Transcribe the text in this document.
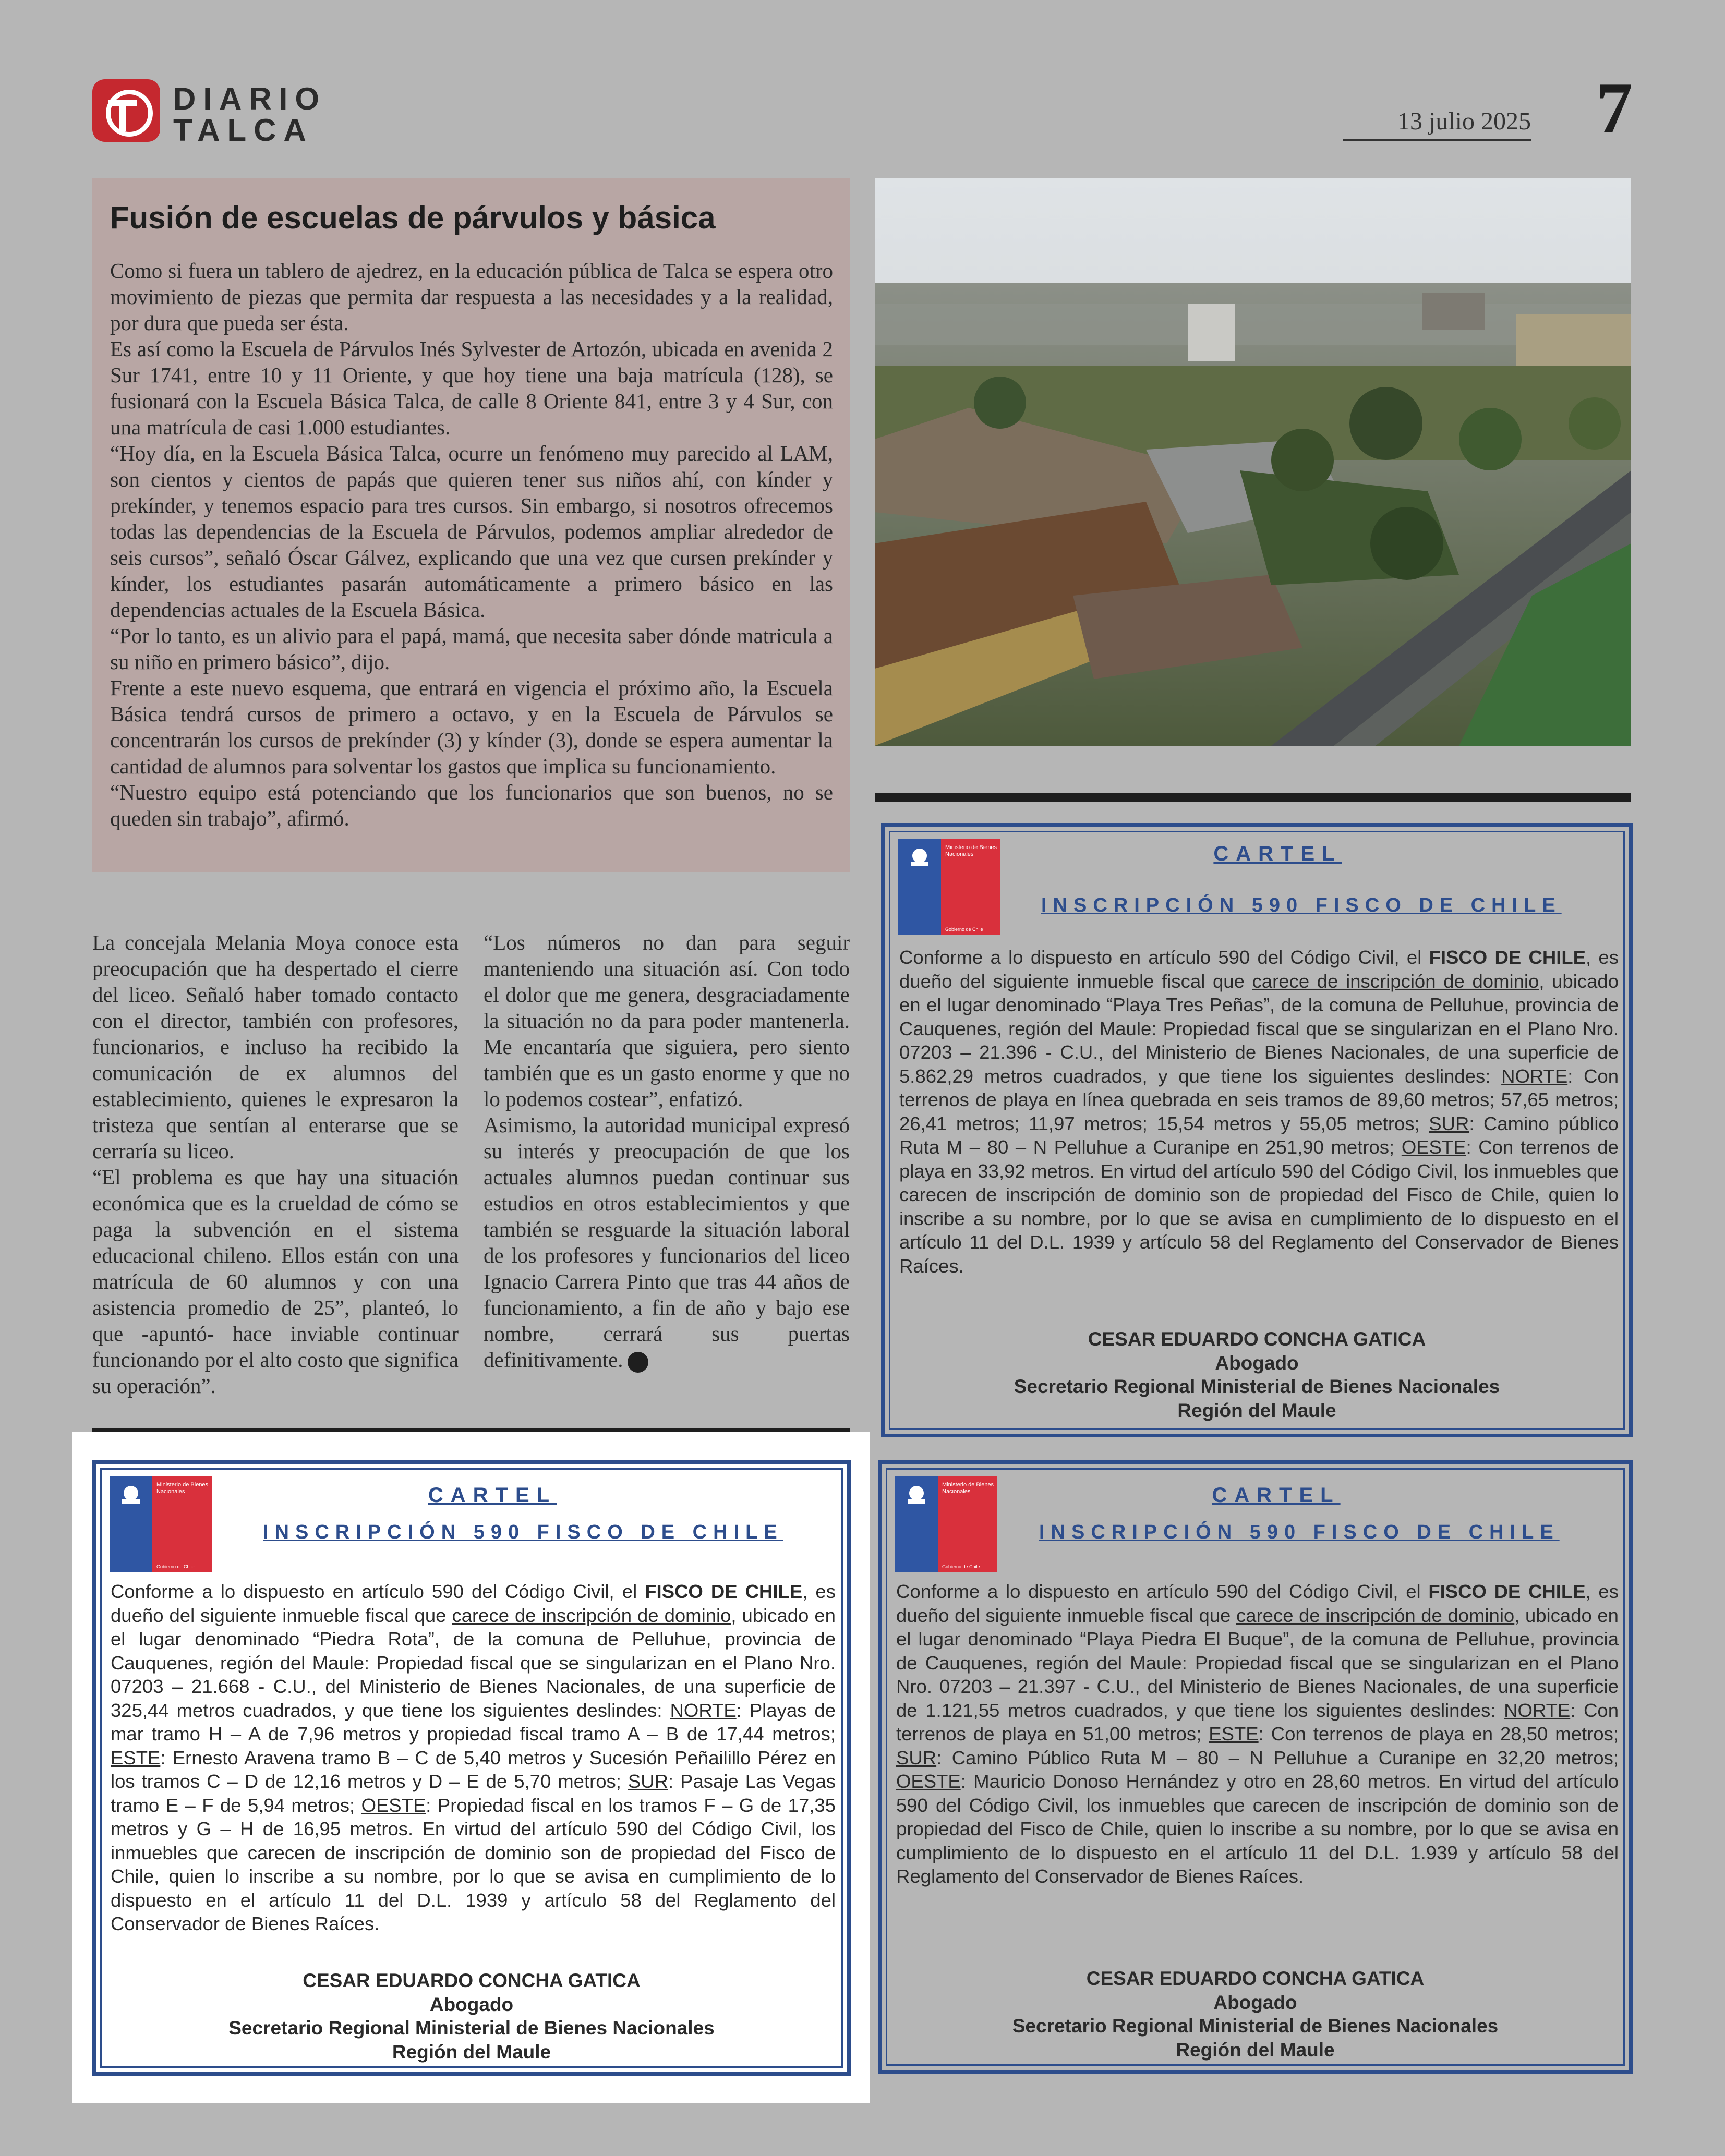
DIARIO
TALCA	13 julio 2025 7
Fusión de escuelas de párvulos y básica

Como si fuera un tablero de ajedrez, en la educación pública de Talca se espera otro movimiento de piezas que permita dar respuesta a las necesidades y a la realidad, por dura que pueda ser ésta.

Es así como la Escuela de Párvulos Inés Sylvester de Artozón, ubicada en avenida 2 Sur 1741, entre 10 y 11 Oriente, y que hoy tiene una baja matrícula (128), se fusionará con la Escuela Básica Talca, de calle 8 Oriente 841, entre 3 y 4 Sur, con una matrícula de casi 1.000 estudiantes.

“Hoy día, en la Escuela Básica Talca, ocurre un fenómeno muy parecido al LAM, son cientos y cientos de papás que quieren tener sus niños ahí, con kínder y prekínder, y tenemos espacio para tres cursos. Sin embargo, si nosotros ofrecemos todas las dependencias de la Escuela de Párvulos, podemos ampliar alrededor de seis cursos”, señaló Óscar Gálvez, explicando que una vez que cursen prekínder y kínder, los estudiantes pasarán automáticamente a primero básico en las dependencias actuales de la Escuela Básica.

“Por lo tanto, es un alivio para el papá, mamá, que necesita saber dónde matricula a su niño en primero básico”, dijo.

Frente a este nuevo esquema, que entrará en vigencia el próximo año, la Escuela Básica tendrá cursos de primero a octavo, y en la Escuela de Párvulos se concentrarán los cursos de prekínder (3) y kínder (3), donde se espera aumentar la cantidad de alumnos para solventar los gastos que implica su funcionamiento.

“Nuestro equipo está potenciando que los funcionarios que son buenos, no se queden sin trabajo”, afirmó.

La concejala Melania Moya conoce esta preocupación que ha despertado el cierre del liceo. Señaló haber tomado contacto con el director, también con profesores, funcionarios, e incluso ha recibido la comunicación de ex alumnos del establecimiento, quienes le expresaron la tristeza que sentían al enterarse que se cerraría su liceo.

“El problema es que hay una situación económica que es la crueldad de cómo se paga la subvención en el sistema educacional chileno. Ellos están con una matrícula de 60 alumnos y con una asistencia promedio de 25”, planteó, lo que -apuntó- hace inviable continuar funcionando por el alto costo que significa su operación”.

“Los números no dan para seguir manteniendo una situación así. Con todo el dolor que me genera, desgraciadamente la situación no da para poder mantenerla. Me encantaría que siguiera, pero siento también que es un gasto enorme y que no lo podemos costear”, enfatizó.

Asimismo, la autoridad municipal expresó su interés y preocupación de que los actuales alumnos puedan continuar sus estudios en otros establecimientos y que también se resguarde la situación laboral de los profesores y funcionarios del liceo Ignacio Carrera Pinto que tras 44 años de funcionamiento, a fin de año y bajo ese nombre, cerrará sus puertas definitivamente.

Ministerio de Bienes Nacionales
Gobierno de Chile
CARTEL
INSCRIPCIÓN 590 FISCO DE CHILE

Conforme a lo dispuesto en artículo 590 del Código Civil, el FISCO DE CHILE, es dueño del siguiente inmueble fiscal que carece de inscripción de dominio, ubicado en el lugar denominado “Playa Tres Peñas”, de la comuna de Pelluhue, provincia de Cauquenes, región del Maule: Propiedad fiscal que se singularizan en el Plano Nro. 07203 – 21.396 - C.U., del Ministerio de Bienes Nacionales, de una superficie de 5.862,29 metros cuadrados, y que tiene los siguientes deslindes: NORTE: Con terrenos de playa en línea quebrada en seis tramos de 89,60 metros; 57,65 metros; 26,41 metros; 11,97 metros; 15,54 metros y 55,05 metros; SUR: Camino público Ruta M – 80 – N Pelluhue a Curanipe en 251,90 metros; OESTE: Con terrenos de playa en 33,92 metros. En virtud del artículo 590 del Código Civil, los inmuebles que carecen de inscripción de dominio son de propiedad del Fisco de Chile, quien lo inscribe a su nombre, por lo que se avisa en cumplimiento de lo dispuesto en el artículo 11 del D.L. 1939 y artículo 58 del Reglamento del Conservador de Bienes Raíces.

CESAR EDUARDO CONCHA GATICA
Abogado
Secretario Regional Ministerial de Bienes Nacionales
Región del Maule
Ministerio de Bienes Nacionales
Gobierno de Chile
CARTEL
INSCRIPCIÓN 590 FISCO DE CHILE

Conforme a lo dispuesto en artículo 590 del Código Civil, el FISCO DE CHILE, es dueño del siguiente inmueble fiscal que carece de inscripción de dominio, ubicado en el lugar denominado “Piedra Rota”, de la comuna de Pelluhue, provincia de Cauquenes, región del Maule: Propiedad fiscal que se singularizan en el Plano Nro. 07203 – 21.668 - C.U., del Ministerio de Bienes Nacionales, de una superficie de 325,44 metros cuadrados, y que tiene los siguientes deslindes: NORTE: Playas de mar tramo H – A de 7,96 metros y propiedad fiscal tramo A – B de 17,44 metros; ESTE: Ernesto Aravena tramo B – C de 5,40 metros y Sucesión Peñailillo Pérez en los tramos C – D de 12,16 metros y D – E de 5,70 metros; SUR: Pasaje Las Vegas tramo E – F de 5,94 metros; OESTE: Propiedad fiscal en los tramos F – G de 17,35 metros y G – H de 16,95 metros. En virtud del artículo 590 del Código Civil, los inmuebles que carecen de inscripción de dominio son de propiedad del Fisco de Chile, quien lo inscribe a su nombre, por lo que se avisa en cumplimiento de lo dispuesto en el artículo 11 del D.L. 1939 y artículo 58 del Reglamento del Conservador de Bienes Raíces.

CESAR EDUARDO CONCHA GATICA
Abogado
Secretario Regional Ministerial de Bienes Nacionales
Región del Maule
Ministerio de Bienes Nacionales
Gobierno de Chile
CARTEL
INSCRIPCIÓN 590 FISCO DE CHILE

Conforme a lo dispuesto en artículo 590 del Código Civil, el FISCO DE CHILE, es dueño del siguiente inmueble fiscal que carece de inscripción de dominio, ubicado en el lugar denominado “Playa Piedra El Buque”, de la comuna de Pelluhue, provincia de Cauquenes, región del Maule: Propiedad fiscal que se singularizan en el Plano Nro. 07203 – 21.397 - C.U., del Ministerio de Bienes Nacionales, de una superficie de 1.121,55 metros cuadrados, y que tiene los siguientes deslindes: NORTE: Con terrenos de playa en 51,00 metros; ESTE: Con terrenos de playa en 28,50 metros; SUR: Camino Público Ruta M – 80 – N Pelluhue a Curanipe en 32,20 metros; OESTE: Mauricio Donoso Hernández y otro en 28,60 metros. En virtud del artículo 590 del Código Civil, los inmuebles que carecen de inscripción de dominio son de propiedad del Fisco de Chile, quien lo inscribe a su nombre, por lo que se avisa en cumplimiento de lo dispuesto en el artículo 11 del D.L. 1.939 y artículo 58 del Reglamento del Conservador de Bienes Raíces.

CESAR EDUARDO CONCHA GATICA
Abogado
Secretario Regional Ministerial de Bienes Nacionales
Región del Maule
